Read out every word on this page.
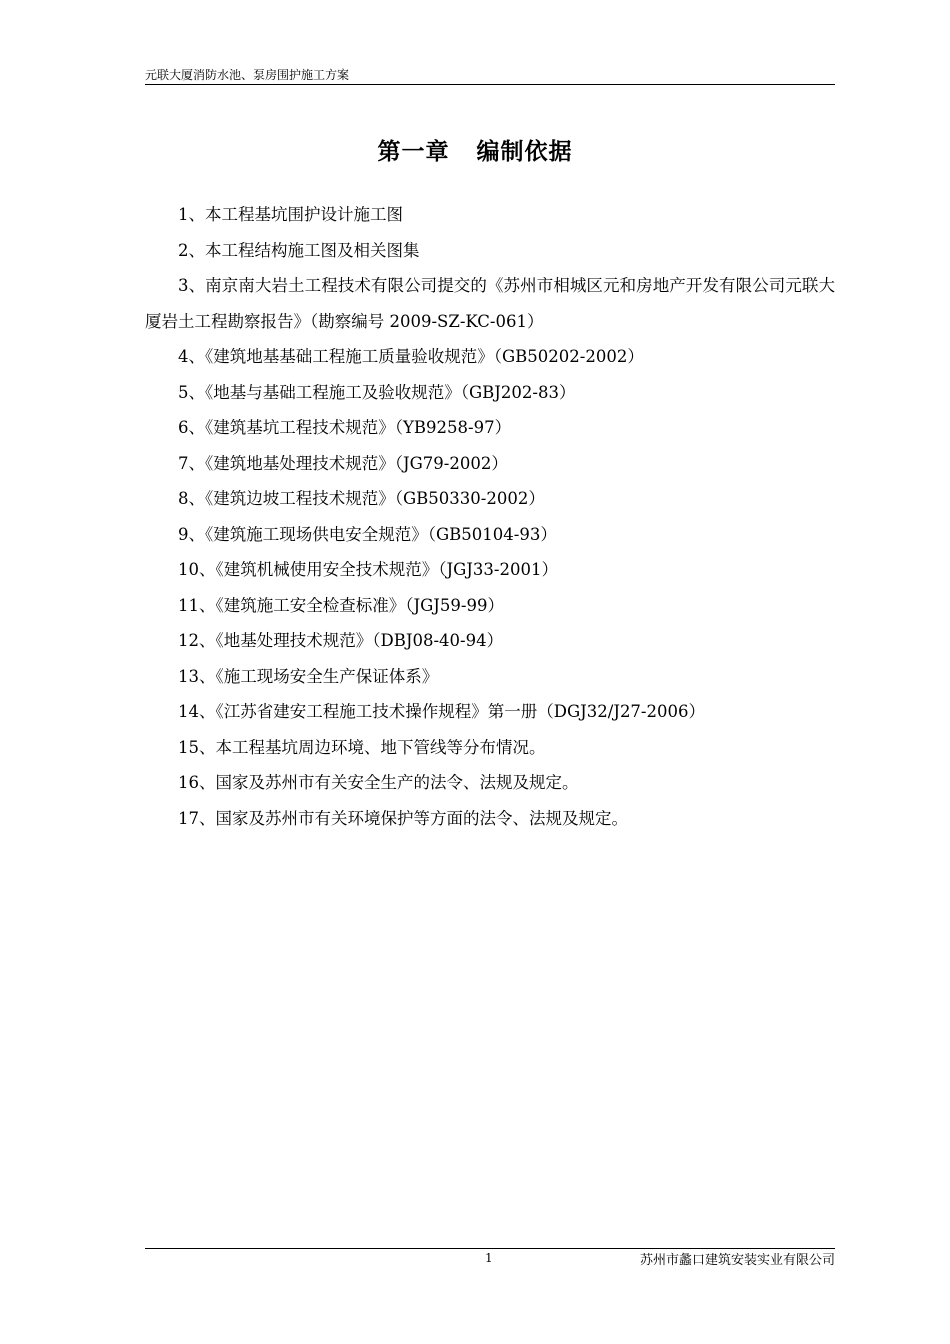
元联大厦消防水池、泵房围护施工方案
第一章   编制依据
1、本工程基坑围护设计施工图
2、本工程结构施工图及相关图集
3、南京南大岩土工程技术有限公司提交的《苏州市相城区元和房地产开发有限公司元联大厦岩土工程勘察报告》（勘察编号 2009-SZ-KC-061）
4、《建筑地基基础工程施工质量验收规范》（GB50202-2002）
5、《地基与基础工程施工及验收规范》（GBJ202-83）
6、《建筑基坑工程技术规范》（YB9258-97）
7、《建筑地基处理技术规范》（JG79-2002）
8、《建筑边坡工程技术规范》（GB50330-2002）
9、《建筑施工现场供电安全规范》（GB50104-93）
10、《建筑机械使用安全技术规范》（JGJ33-2001）
11、《建筑施工安全检查标准》（JGJ59-99）
12、《地基处理技术规范》（DBJ08-40-94）
13、《施工现场安全生产保证体系》
14、《江苏省建安工程施工技术操作规程》第一册（DGJ32/J27-2006）
15、本工程基坑周边环境、地下管线等分布情况。
16、国家及苏州市有关安全生产的法令、法规及规定。
17、国家及苏州市有关环境保护等方面的法令、法规及规定。
1	苏州市蠡口建筑安装实业有限公司
